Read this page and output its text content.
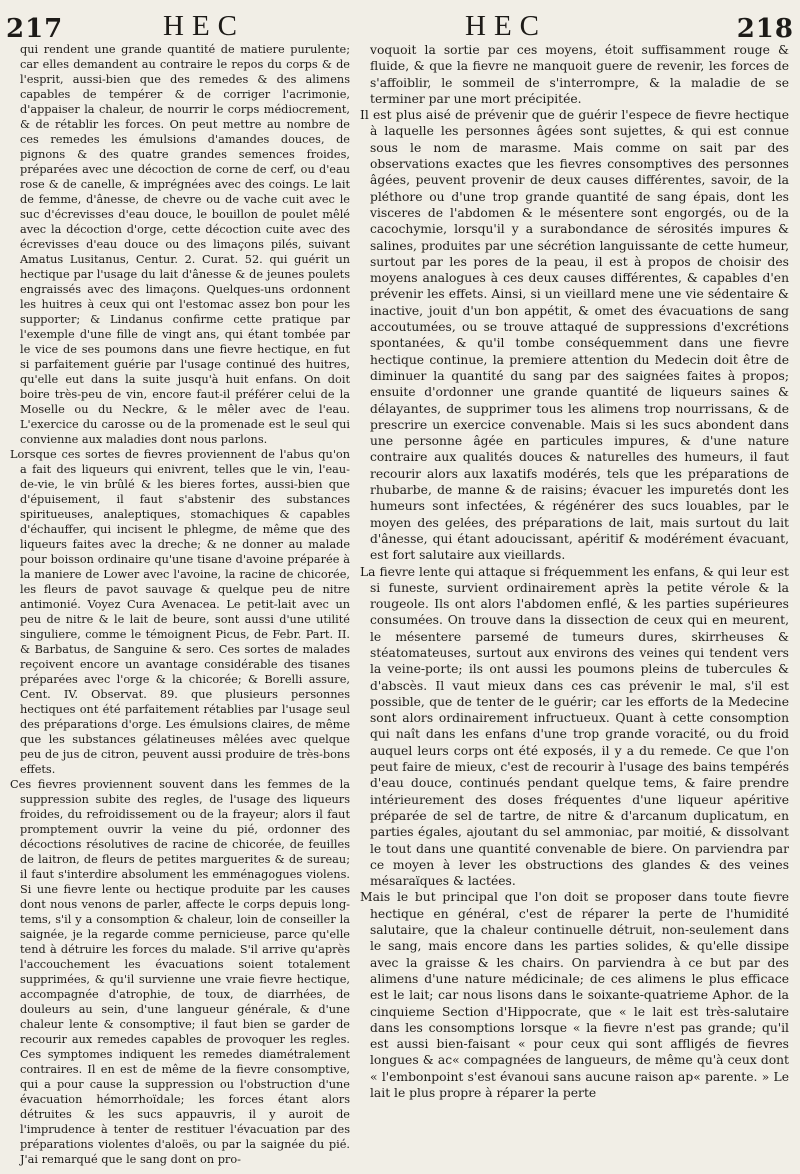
217	HEC	HEC	218

qui rendent une grande quantité de matiere purulente; car elles demandent au contraire le repos du corps & de l'esprit, aussi-bien que des remedes & des alimens capables de tempérer & de corriger l'acrimonie, d'appaiser la chaleur, de nourrir le corps médiocrement, & de rétablir les forces. On peut mettre au nombre de ces remedes les émulsions d'amandes douces, de pignons & des quatre grandes semences froides, préparées avec une décoction de corne de cerf, ou d'eau rose & de canelle, & imprégnées avec des coings. Le lait de femme, d'ânesse, de chevre ou de vache cuit avec le suc d'écrevisses d'eau douce, le bouillon de poulet mêlé avec la décoction d'orge, cette décoction cuite avec des écrevisses d'eau douce ou des limaçons pilés, suivant Amatus Lusitanus, Centur. 2. Curat. 52. qui guérit un hectique par l'usage du lait d'ânesse & de jeunes poulets engraissés avec des limaçons. Quelques-uns ordonnent les huitres à ceux qui ont l'estomac assez bon pour les supporter; & Lindanus confirme cette pratique par l'exemple d'une fille de vingt ans, qui étant tombée par le vice de ses poumons dans une fievre hectique, en fut si parfaitement guérie par l'usage continué des huitres, qu'elle eut dans la suite jusqu'à huit enfans. On doit boire très-peu de vin, encore faut-il préférer celui de la Moselle ou du Neckre, & le mêler avec de l'eau. L'exercice du carosse ou de la promenade est le seul qui convienne aux maladies dont nous parlons.

Lorsque ces sortes de fievres proviennent de l'abus qu'on a fait des liqueurs qui enivrent, telles que le vin, l'eau-de-vie, le vin brûlé & les bieres fortes, aussi-bien que d'épuisement, il faut s'abstenir des substances spiritueuses, analeptiques, stomachiques & capables d'échauffer, qui incisent le phlegme, de même que des liqueurs faites avec la dreche; & ne donner au malade pour boisson ordinaire qu'une tisane d'avoine préparée à la maniere de Lower avec l'avoine, la racine de chicorée, les fleurs de pavot sauvage & quelque peu de nitre antimonié. Voyez Cura Avenacea. Le petit-lait avec un peu de nitre & le lait de beure, sont aussi d'une utilité singuliere, comme le témoignent Picus, de Febr. Part. II. & Barbatus, de Sanguine & sero. Ces sortes de malades reçoivent encore un avantage considérable des tisanes préparées avec l'orge & la chicorée; & Borelli assure, Cent. IV. Observat. 89. que plusieurs personnes hectiques ont été parfaitement rétablies par l'usage seul des préparations d'orge. Les émulsions claires, de même que les substances gélatineuses mêlées avec quelque peu de jus de citron, peuvent aussi produire de très-bons effets.

Ces fievres proviennent souvent dans les femmes de la suppression subite des regles, de l'usage des liqueurs froides, du refroidissement ou de la frayeur; alors il faut promptement ouvrir la veine du pié, ordonner des décoctions résolutives de racine de chicorée, de feuilles de laitron, de fleurs de petites marguerites & de sureau; il faut s'interdire absolument les emménagogues violens. Si une fievre lente ou hectique produite par les causes dont nous venons de parler, affecte le corps depuis long-tems, s'il y a consomption & chaleur, loin de conseiller la saignée, je la regarde comme pernicieuse, parce qu'elle tend à détruire les forces du malade. S'il arrive qu'après l'accouchement les évacuations soient totalement supprimées, & qu'il survienne une vraie fievre hectique, accompagnée d'atrophie, de toux, de diarrhées, de douleurs au sein, d'une langueur générale, & d'une chaleur lente & consomptive; il faut bien se garder de recourir aux remedes capables de provoquer les regles. Ces symptomes indiquent les remedes diamétralement contraires. Il en est de même de la fievre consomptive, qui a pour cause la suppression ou l'obstruction d'une évacuation hémorrhoïdale; les forces étant alors détruites & les sucs appauvris, il y auroit de l'imprudence à tenter de restituer l'évacuation par des préparations violentes d'aloës, ou par la saignée du pié. J'ai remarqué que le sang dont on pro-

voquoit la sortie par ces moyens, étoit suffisamment rouge & fluide, & que la fievre ne manquoit guere de revenir, les forces de s'affoiblir, le sommeil de s'interrompre, & la maladie de se terminer par une mort précipitée.

Il est plus aisé de prévenir que de guérir l'espece de fievre hectique à laquelle les personnes âgées sont sujettes, & qui est connue sous le nom de marasme. Mais comme on sait par des observations exactes que les fievres consomptives des personnes âgées, peuvent provenir de deux causes différentes, savoir, de la pléthore ou d'une trop grande quantité de sang épais, dont les visceres de l'abdomen & le mésentere sont engorgés, ou de la cacochymie, lorsqu'il y a surabondance de sérosités impures & salines, produites par une sécrétion languissante de cette humeur, surtout par les pores de la peau, il est à propos de choisir des moyens analogues à ces deux causes différentes, & capables d'en prévenir les effets. Ainsi, si un vieillard mene une vie sédentaire & inactive, jouit d'un bon appétit, & omet des évacuations de sang accoutumées, ou se trouve attaqué de suppressions d'excrétions spontanées, & qu'il tombe conséquemment dans une fievre hectique continue, la premiere attention du Medecin doit être de diminuer la quantité du sang par des saignées faites à propos; ensuite d'ordonner une grande quantité de liqueurs saines & délayantes, de supprimer tous les alimens trop nourrissans, & de prescrire un exercice convenable. Mais si les sucs abondent dans une personne âgée en particules impures, & d'une nature contraire aux qualités douces & naturelles des humeurs, il faut recourir alors aux laxatifs modérés, tels que les préparations de rhubarbe, de manne & de raisins; évacuer les impuretés dont les humeurs sont infectées, & régénérer des sucs louables, par le moyen des gelées, des préparations de lait, mais surtout du lait d'ânesse, qui étant adoucissant, apéritif & modérément évacuant, est fort salutaire aux vieillards.

La fievre lente qui attaque si fréquemment les enfans, & qui leur est si funeste, survient ordinairement après la petite vérole & la rougeole. Ils ont alors l'abdomen enflé, & les parties supérieures consumées. On trouve dans la dissection de ceux qui en meurent, le mésentere parsemé de tumeurs dures, skirrheuses & stéatomateuses, surtout aux environs des veines qui tendent vers la veine-porte; ils ont aussi les poumons pleins de tubercules & d'abscès. Il vaut mieux dans ces cas prévenir le mal, s'il est possible, que de tenter de le guérir; car les efforts de la Medecine sont alors ordinairement infructueux. Quant à cette consomption qui naît dans les enfans d'une trop grande voracité, ou du froid auquel leurs corps ont été exposés, il y a du remede. Ce que l'on peut faire de mieux, c'est de recourir à l'usage des bains tempérés d'eau douce, continués pendant quelque tems, & faire prendre intérieurement des doses fréquentes d'une liqueur apéritive préparée de sel de tartre, de nitre & d'arcanum duplicatum, en parties égales, ajoutant du sel ammoniac, par moitié, & dissolvant le tout dans une quantité convenable de biere. On parviendra par ce moyen à lever les obstructions des glandes & des veines mésaraïques & lactées.

Mais le but principal que l'on doit se proposer dans toute fievre hectique en général, c'est de réparer la perte de l'humidité salutaire, que la chaleur continuelle détruit, non-seulement dans le sang, mais encore dans les parties solides, & qu'elle dissipe avec la graisse & les chairs. On parviendra à ce but par des alimens d'une nature médicinale; de ces alimens le plus efficace est le lait; car nous lisons dans le soixante-quatrieme Aphor. de la cinquieme Section d'Hippocrate, que « le lait est très-salutaire dans les consomptions lorsque « la fievre n'est pas grande; qu'il est aussi bien-faisant « pour ceux qui sont affligés de fievres longues & ac« compagnées de langueurs, de même qu'à ceux dont « l'embonpoint s'est évanoui sans aucune raison ap« parente. » Le lait le plus propre à réparer la perte
